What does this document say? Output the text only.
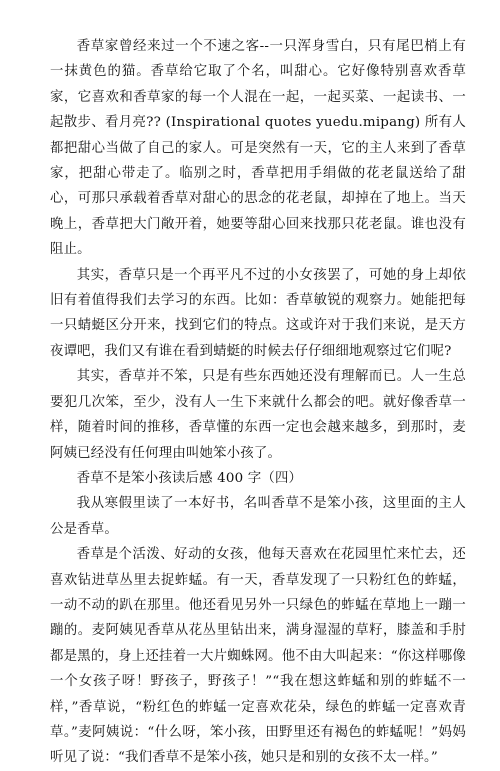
香草家曾经来过一个不速之客--一只浑身雪白，只有尾巴梢上有一抹黄色的猫。香草给它取了个名，叫甜心。它好像特别喜欢香草家，它喜欢和香草家的每一个人混在一起，一起买菜、一起读书、一起散步、看月亮?? (Inspirational quotes yuedu.mipang) 所有人都把甜心当做了自己的家人。可是突然有一天，它的主人来到了香草家，把甜心带走了。临别之时，香草把用手绢做的花老鼠送给了甜心，可那只承载着香草对甜心的思念的花老鼠，却掉在了地上。当天晚上，香草把大门敞开着，她要等甜心回来找那只花老鼠。谁也没有阻止。

其实，香草只是一个再平凡不过的小女孩罢了，可她的身上却依旧有着值得我们去学习的东西。比如：香草敏锐的观察力。她能把每一只蜻蜓区分开来，找到它们的特点。这或许对于我们来说，是天方夜谭吧，我们又有谁在看到蜻蜓的时候去仔仔细细地观察过它们呢?

其实，香草并不笨，只是有些东西她还没有理解而已。人一生总要犯几次笨，至少，没有人一生下来就什么都会的吧。就好像香草一样，随着时间的推移，香草懂的东西一定也会越来越多，到那时，麦阿姨已经没有任何理由叫她笨小孩了。

香草不是笨小孩读后感 400 字（四）

我从寒假里读了一本好书，名叫香草不是笨小孩，这里面的主人公是香草。

香草是个活泼、好动的女孩，他每天喜欢在花园里忙来忙去，还喜欢钻进草丛里去捉蚱蜢。有一天，香草发现了一只粉红色的蚱蜢，一动不动的趴在那里。他还看见另外一只绿色的蚱蜢在草地上一蹦一蹦的。麦阿姨见香草从花丛里钻出来，满身湿湿的草籽，膝盖和手肘都是黑的，身上还挂着一大片蜘蛛网。他不由大叫起来：“你这样哪像一个女孩子呀！野孩子，野孩子！”“我在想这蚱蜢和别的蚱蜢不一样，”香草说，“粉红色的蚱蜢一定喜欢花朵，绿色的蚱蜢一定喜欢青草。”麦阿姨说：“什么呀，笨小孩，田野里还有褐色的蚱蜢呢！”妈妈听见了说：“我们香草不是笨小孩，她只是和别的女孩不太一样。”
